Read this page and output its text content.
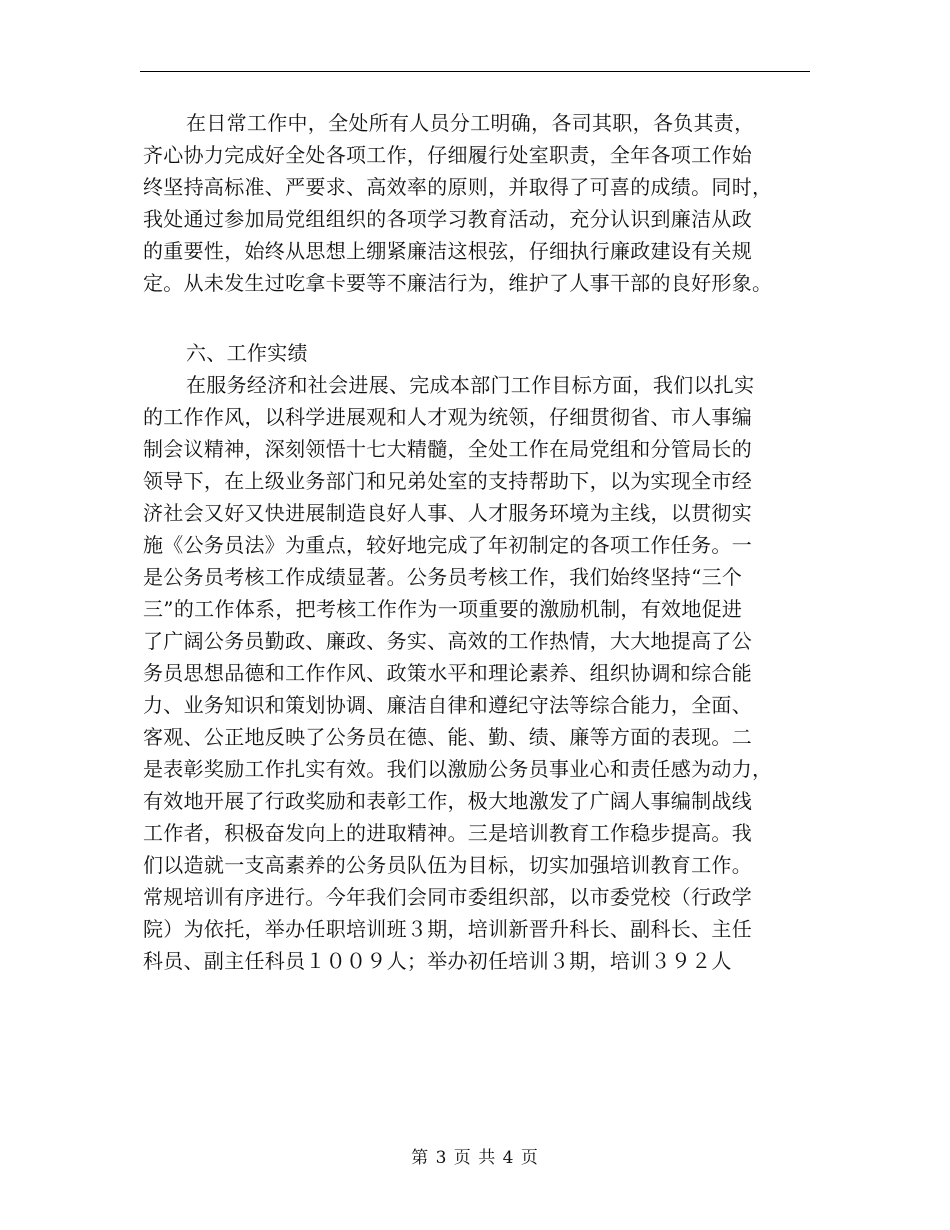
在日常工作中，全处所有人员分工明确，各司其职，各负其责，
齐心协力完成好全处各项工作，仔细履行处室职责，全年各项工作始
终坚持高标准、严要求、高效率的原则，并取得了可喜的成绩。同时，
我处通过参加局党组组织的各项学习教育活动，充分认识到廉洁从政
的重要性，始终从思想上绷紧廉洁这根弦，仔细执行廉政建设有关规
定。从未发生过吃拿卡要等不廉洁行为，维护了人事干部的良好形象。
六、工作实绩
在服务经济和社会进展、完成本部门工作目标方面，我们以扎实
的工作作风，以科学进展观和人才观为统领，仔细贯彻省、市人事编
制会议精神，深刻领悟十七大精髓，全处工作在局党组和分管局长的
领导下，在上级业务部门和兄弟处室的支持帮助下，以为实现全市经
济社会又好又快进展制造良好人事、人才服务环境为主线，以贯彻实
施《公务员法》为重点，较好地完成了年初制定的各项工作任务。一
是公务员考核工作成绩显著。公务员考核工作，我们始终坚持“三个
三”的工作体系，把考核工作作为一项重要的激励机制，有效地促进
了广阔公务员勤政、廉政、务实、高效的工作热情，大大地提高了公
务员思想品德和工作作风、政策水平和理论素养、组织协调和综合能
力、业务知识和策划协调、廉洁自律和遵纪守法等综合能力，全面、
客观、公正地反映了公务员在德、能、勤、绩、廉等方面的表现。二
是表彰奖励工作扎实有效。我们以激励公务员事业心和责任感为动力，
有效地开展了行政奖励和表彰工作，极大地激发了广阔人事编制战线
工作者，积极奋发向上的进取精神。三是培训教育工作稳步提高。我
们以造就一支高素养的公务员队伍为目标，切实加强培训教育工作。
常规培训有序进行。今年我们会同市委组织部，以市委党校（行政学
院）为依托，举办任职培训班３期，培训新晋升科长、副科长、主任
科员、副主任科员１００９人；举办初任培训３期，培训３９２人
第 3 页 共 4 页
